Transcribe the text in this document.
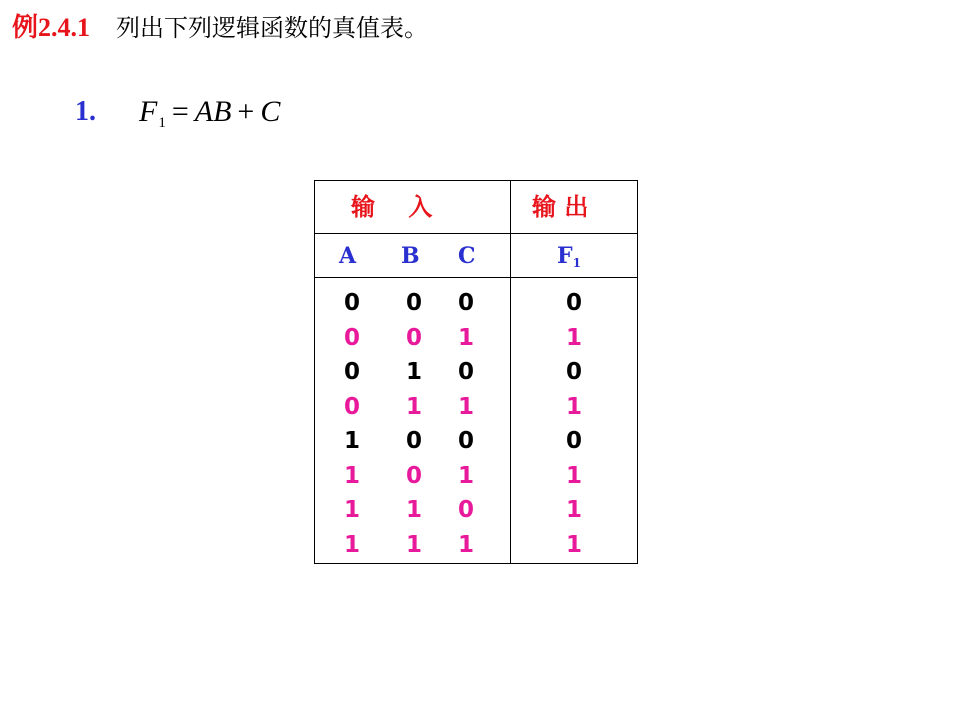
例2.4.1 列出下列逻辑函数的真值表。
1. $F_1$ = AB + C
输    入	输 出
A B C	$F_1$
0 0 0	0
0 0 1	1
0 1 0	0
0 1 1	1
1 0 0	0
1 0 1	1
1 1 0	1
1 1 1	1
